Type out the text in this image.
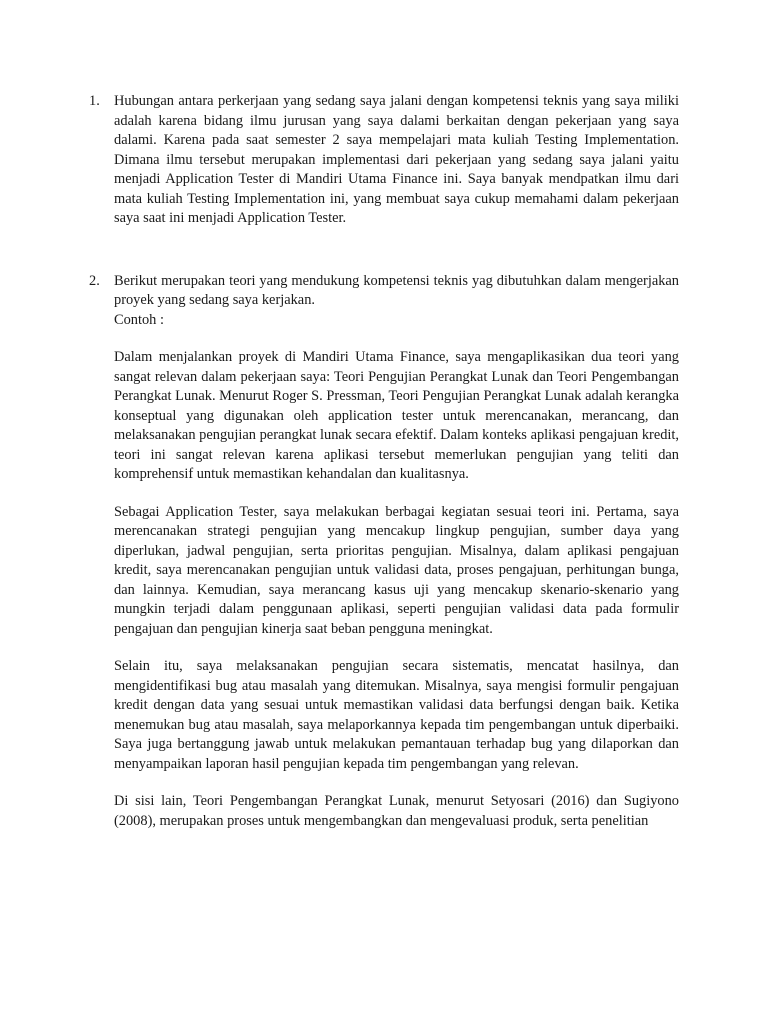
1. Hubungan antara perkerjaan yang sedang saya jalani dengan kompetensi teknis yang saya miliki adalah karena bidang ilmu jurusan yang saya dalami berkaitan dengan pekerjaan yang saya dalami. Karena pada saat semester 2 saya mempelajari mata kuliah Testing Implementation. Dimana ilmu tersebut merupakan implementasi dari pekerjaan yang sedang saya jalani yaitu menjadi Application Tester di Mandiri Utama Finance ini. Saya banyak mendpatkan ilmu dari mata kuliah Testing Implementation ini, yang membuat saya cukup memahami dalam pekerjaan saya saat ini menjadi Application Tester.

2. Berikut merupakan teori yang mendukung kompetensi teknis yag dibutuhkan dalam mengerjakan proyek yang sedang saya kerjakan.

Contoh :

Dalam menjalankan proyek di Mandiri Utama Finance, saya mengaplikasikan dua teori yang sangat relevan dalam pekerjaan saya: Teori Pengujian Perangkat Lunak dan Teori Pengembangan Perangkat Lunak. Menurut Roger S. Pressman, Teori Pengujian Perangkat Lunak adalah kerangka konseptual yang digunakan oleh application tester untuk merencanakan, merancang, dan melaksanakan pengujian perangkat lunak secara efektif. Dalam konteks aplikasi pengajuan kredit, teori ini sangat relevan karena aplikasi tersebut memerlukan pengujian yang teliti dan komprehensif untuk memastikan kehandalan dan kualitasnya.

Sebagai Application Tester, saya melakukan berbagai kegiatan sesuai teori ini. Pertama, saya merencanakan strategi pengujian yang mencakup lingkup pengujian, sumber daya yang diperlukan, jadwal pengujian, serta prioritas pengujian. Misalnya, dalam aplikasi pengajuan kredit, saya merencanakan pengujian untuk validasi data, proses pengajuan, perhitungan bunga, dan lainnya. Kemudian, saya merancang kasus uji yang mencakup skenario-skenario yang mungkin terjadi dalam penggunaan aplikasi, seperti pengujian validasi data pada formulir pengajuan dan pengujian kinerja saat beban pengguna meningkat.

Selain itu, saya melaksanakan pengujian secara sistematis, mencatat hasilnya, dan mengidentifikasi bug atau masalah yang ditemukan. Misalnya, saya mengisi formulir pengajuan kredit dengan data yang sesuai untuk memastikan validasi data berfungsi dengan baik. Ketika menemukan bug atau masalah, saya melaporkannya kepada tim pengembangan untuk diperbaiki. Saya juga bertanggung jawab untuk melakukan pemantauan terhadap bug yang dilaporkan dan menyampaikan laporan hasil pengujian kepada tim pengembangan yang relevan.

Di sisi lain, Teori Pengembangan Perangkat Lunak, menurut Setyosari (2016) dan Sugiyono (2008), merupakan proses untuk mengembangkan dan mengevaluasi produk, serta penelitian
